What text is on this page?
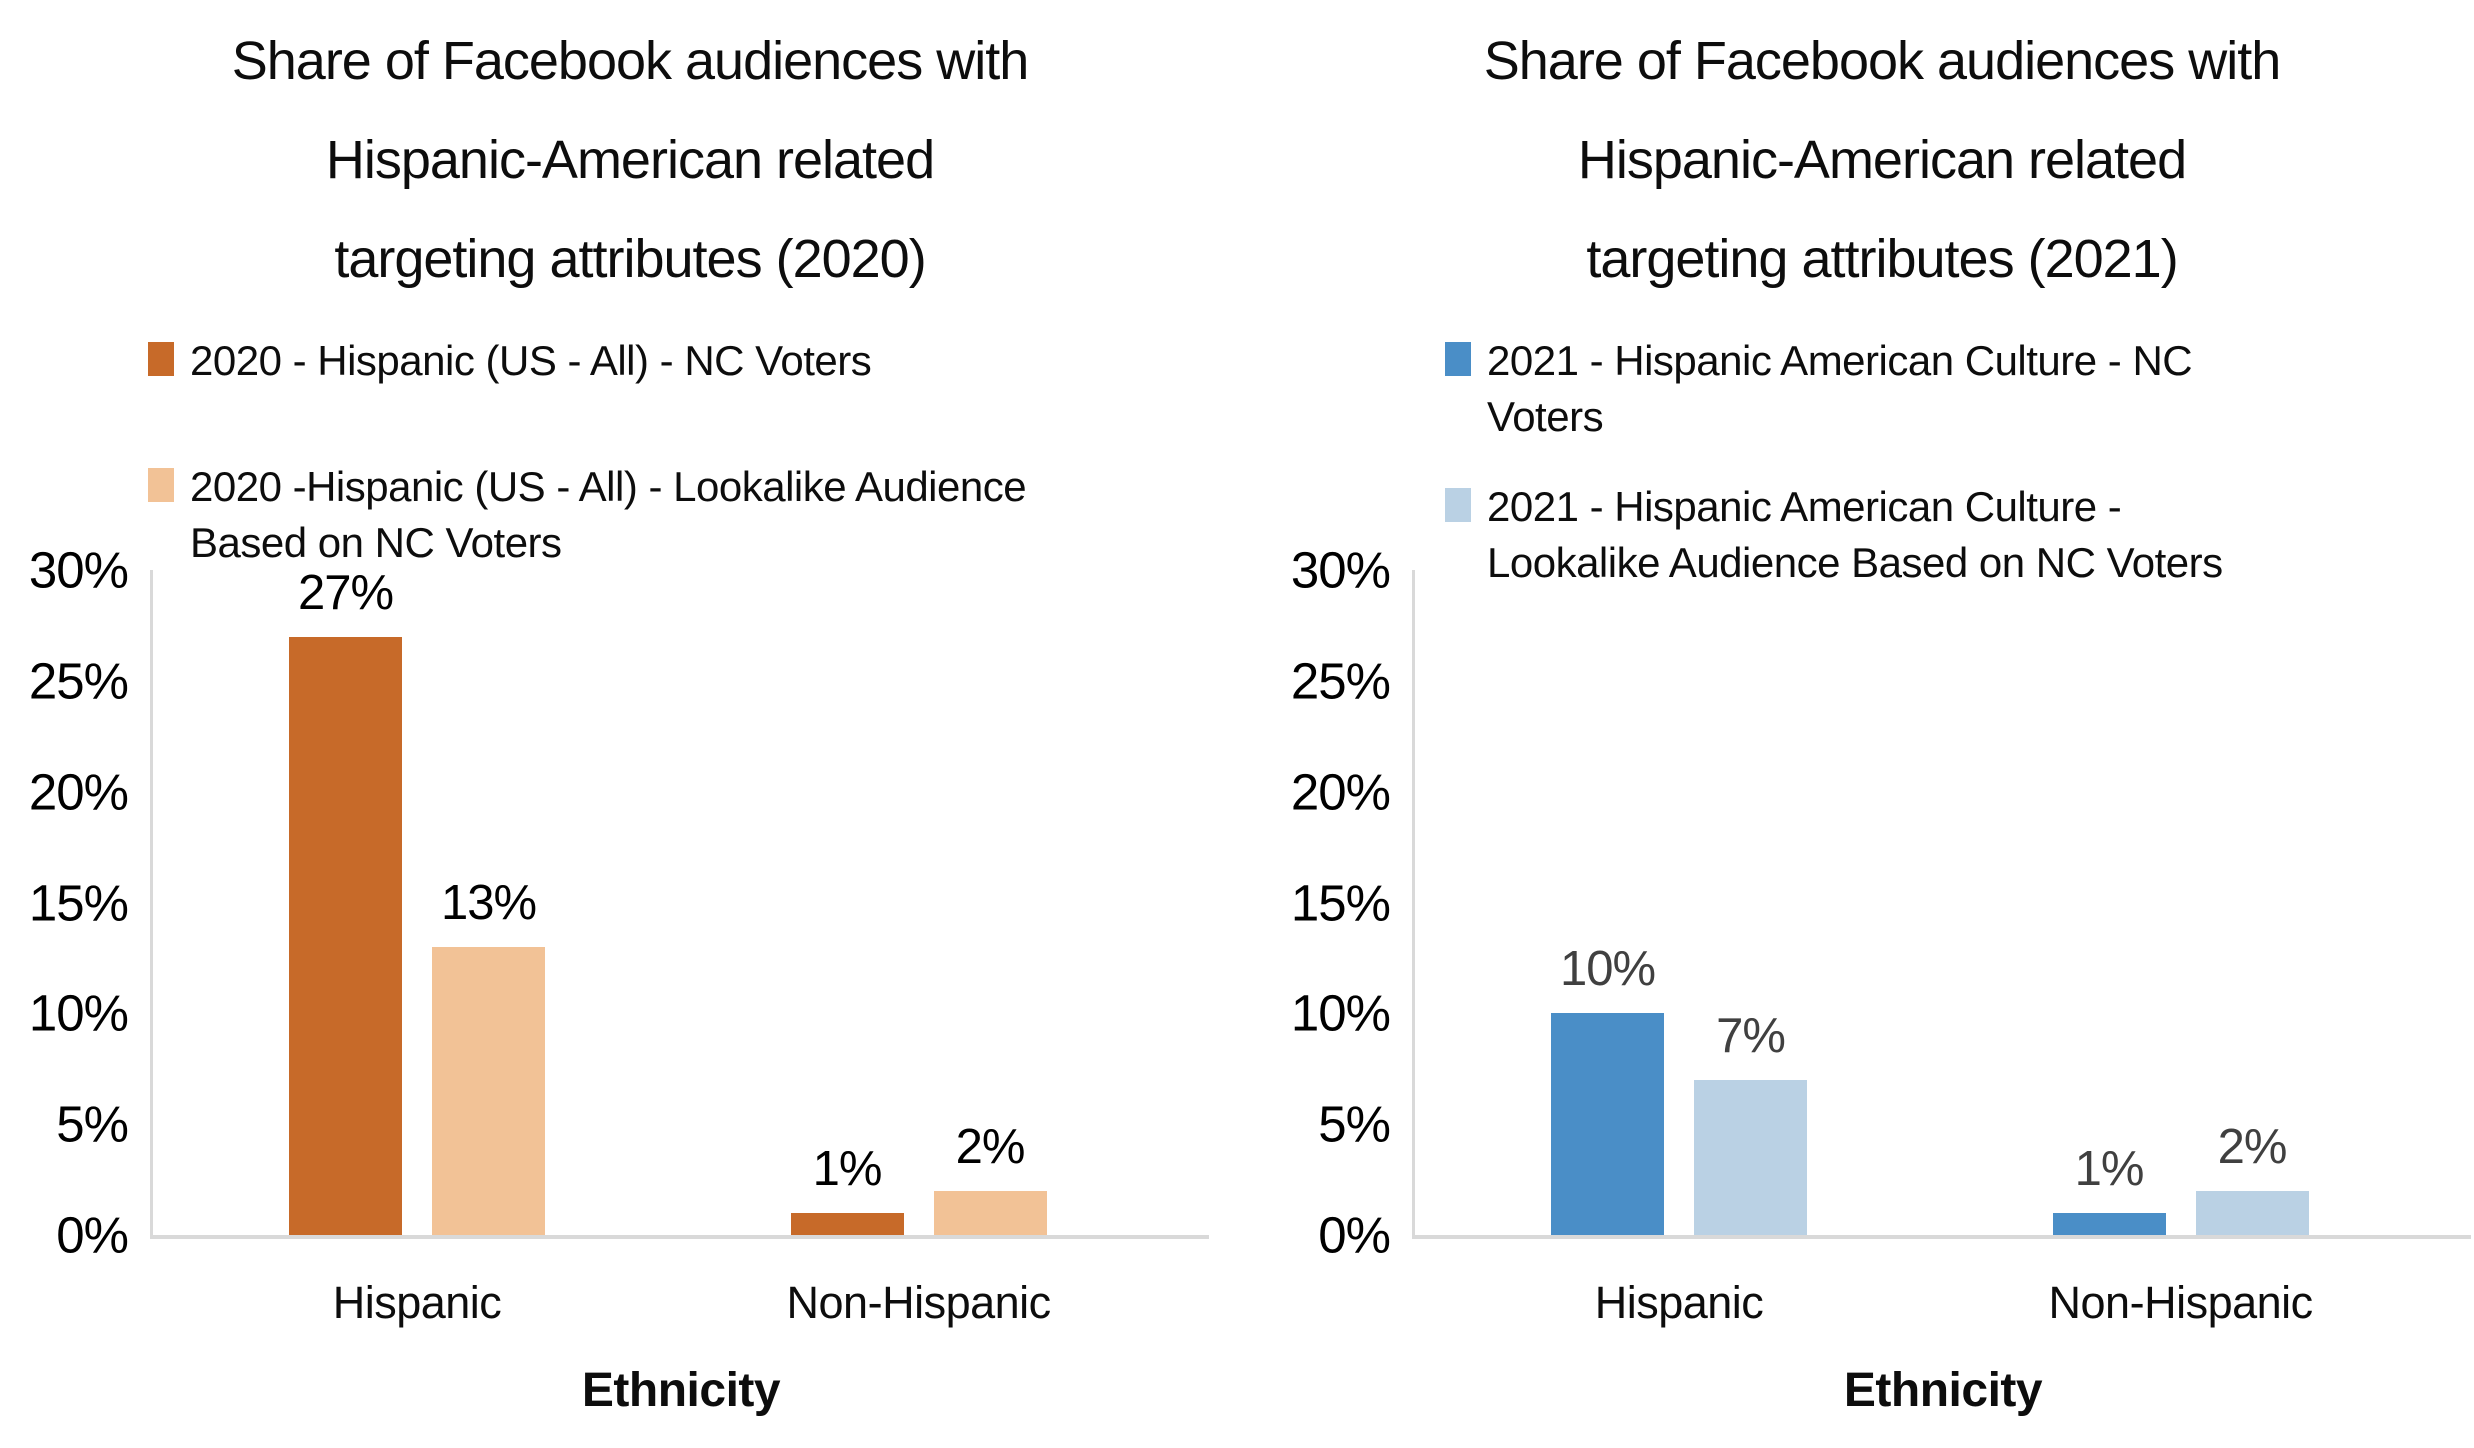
Share of Facebook audiences with
Hispanic-American related
targeting attributes (2020)
2020 - Hispanic (US - All) - NC Voters
2020 -Hispanic (US - All) - Lookalike Audience
Based on NC Voters
30%
25%
20%
15%
10%
5%
0%
Hispanic	Non-Hispanic
Ethnicity
27%
13%
1% 2%
Share of Facebook audiences with
Hispanic-American related
targeting attributes (2021)
2021 - Hispanic American Culture - NC
Voters
2021 - Hispanic American Culture -
Lookalike Audience Based on NC Voters
30%
25%
20%
15%
10%
5%
0%
Hispanic	Non-Hispanic
Ethnicity
10%
7%
1% 2%
